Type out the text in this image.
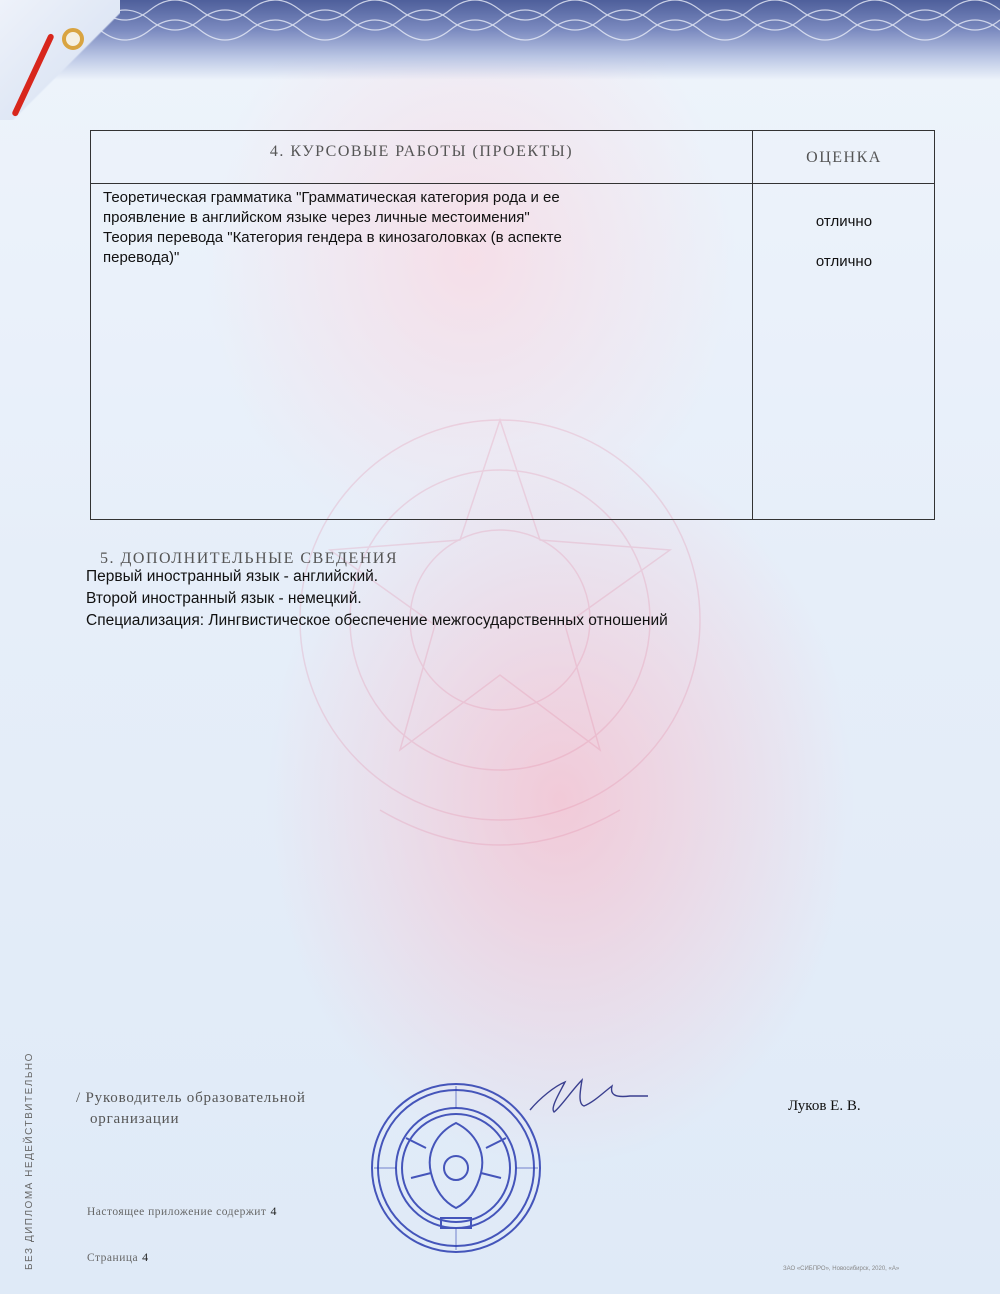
4. КУРСОВЫЕ РАБОТЫ (ПРОЕКТЫ)	ОЦЕНКА
Теоретическая грамматика "Грамматическая категория рода и ее
проявление в английском языке через личные местоимения"
Теория перевода "Категория гендера в кинозаголовках (в аспекте
перевода)"
отлично
отлично
5. ДОПОЛНИТЕЛЬНЫЕ СВЕДЕНИЯ
Первый иностранный язык - английский.
Второй иностранный язык - немецкий.
Специализация: Лингвистическое обеспечение межгосударственных отношений
БЕЗ ДИПЛОМА НЕДЕЙСТВИТЕЛЬНО	/ Руководитель образовательной
организации
Луков Е. В.
Настоящее приложение содержит 4
Страница 4
ЗАО «СИБПРО», Новосибирск, 2020, «А»
